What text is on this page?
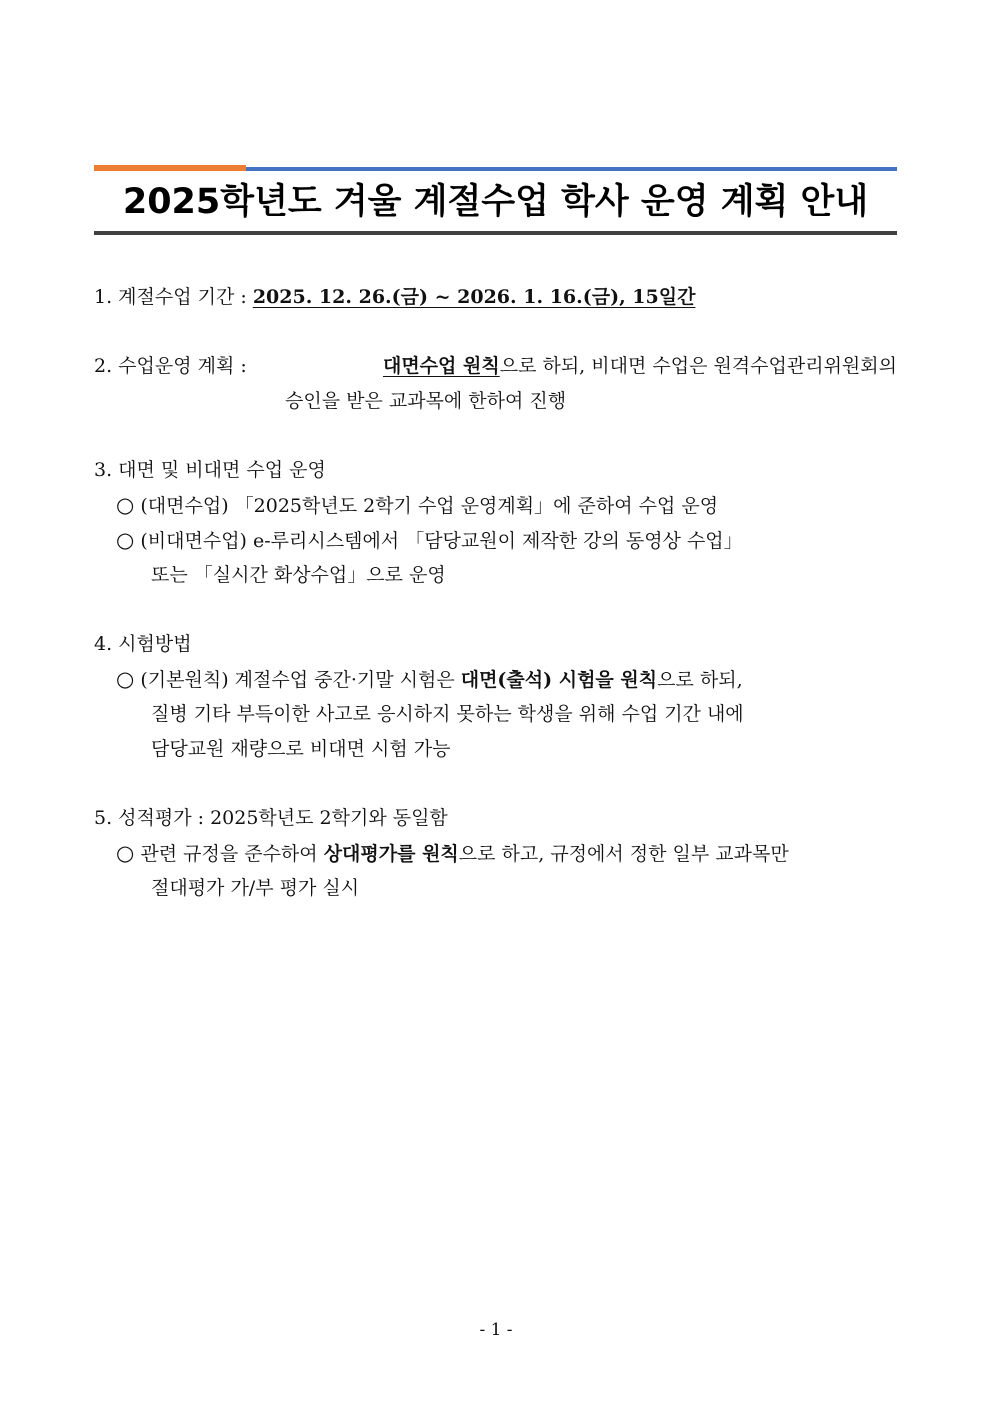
2025학년도 겨울 계절수업 학사 운영 계획 안내
1. 계절수업 기간 : 2025. 12. 26.(금) ~ 2026. 1. 16.(금), 15일간
2. 수업운영 계획 :	대면수업 원칙으로 하되, 비대면 수업은 원격수업관리위원회의
승인을 받은 교과목에 한하여 진행
3. 대면 및 비대면 수업 운영
○ (대면수업) 「2025학년도 2학기 수업 운영계획」에 준하여 수업 운영
○ (비대면수업) e-루리시스템에서 「담당교원이 제작한 강의 동영상 수업」
또는 「실시간 화상수업」으로 운영
4. 시험방법
○ (기본원칙) 계절수업 중간·기말 시험은 대면(출석) 시험을 원칙으로 하되,
질병 기타 부득이한 사고로 응시하지 못하는 학생을 위해 수업 기간 내에
담당교원 재량으로 비대면 시험 가능
5. 성적평가 : 2025학년도 2학기와 동일함
○ 관련 규정을 준수하여 상대평가를 원칙으로 하고, 규정에서 정한 일부 교과목만
절대평가 가/부 평가 실시
- 1 -
